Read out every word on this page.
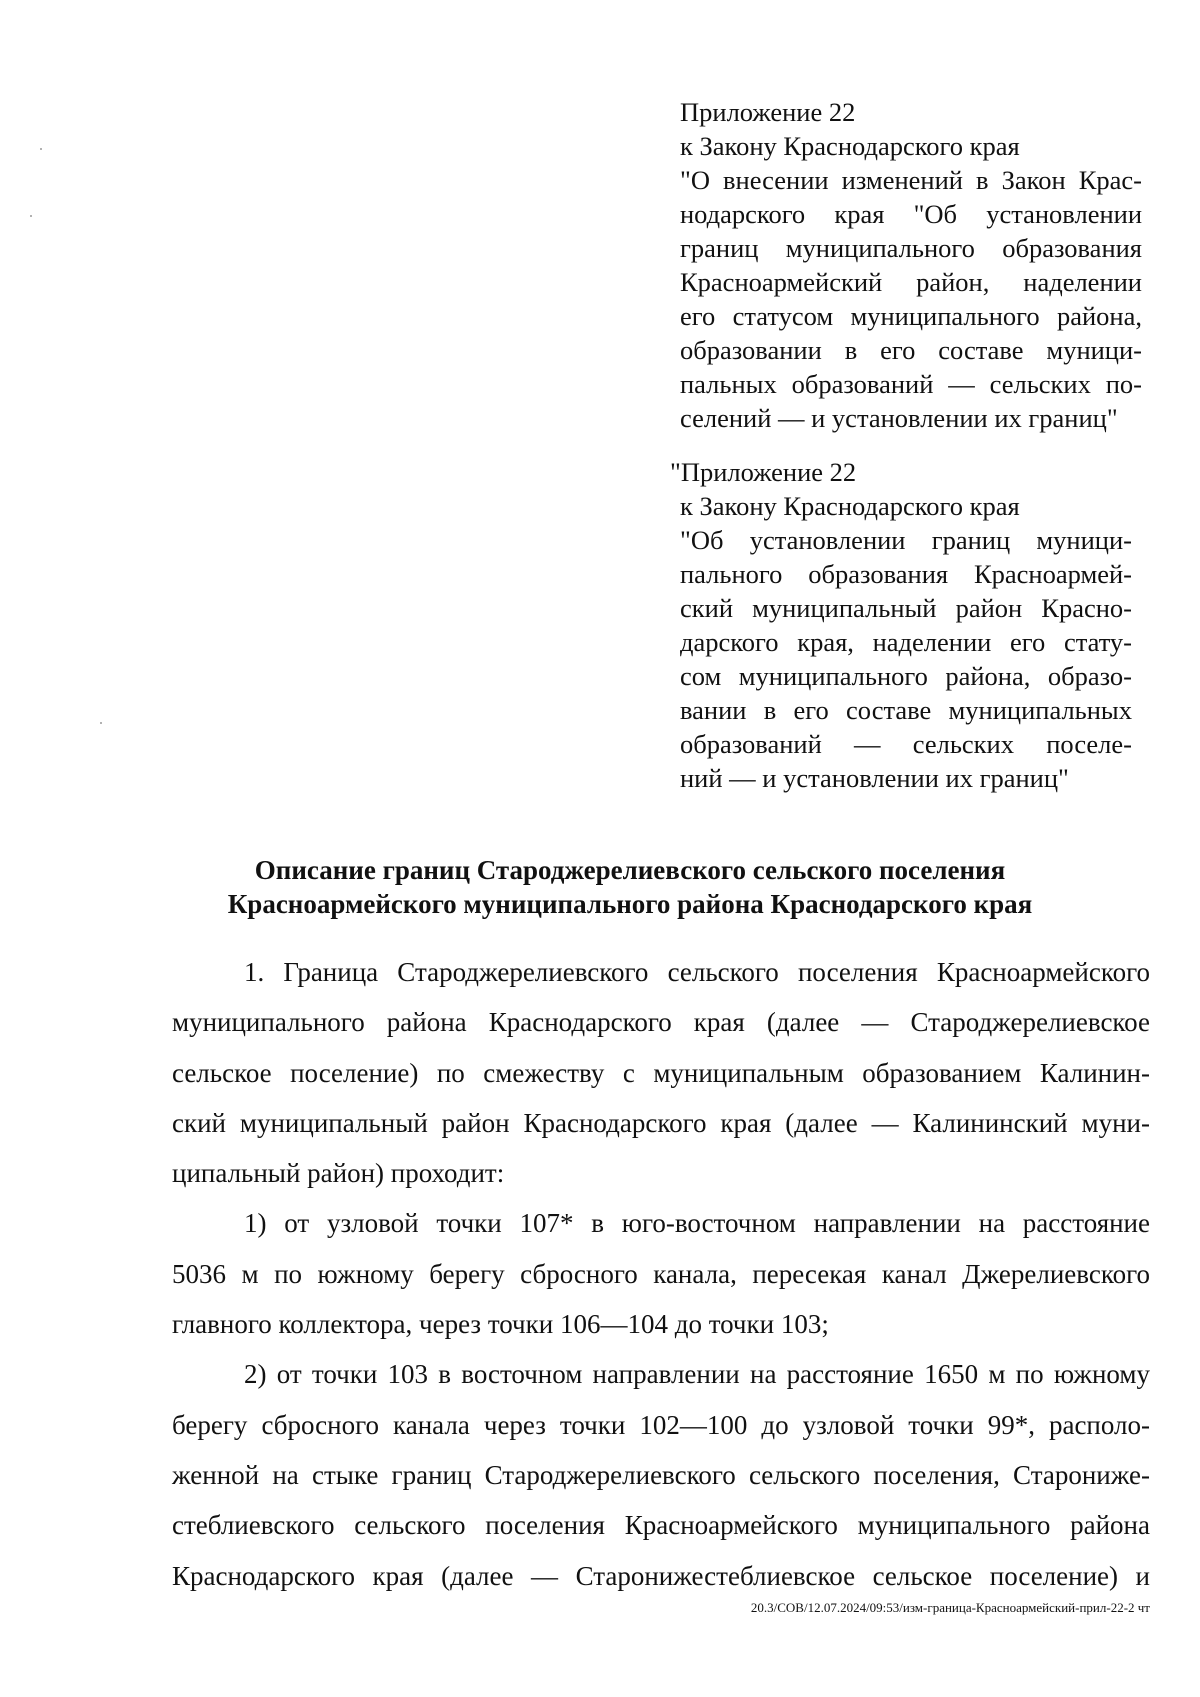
Приложение 22
к Закону Краснодарского края
"О внесении изменений в Закон Крас-
нодарского края "Об установлении
границ муниципального образования
Красноармейский район, наделении
его статусом муниципального района,
образовании в его составе муници-
пальных образований — сельских по-
селений — и установлении их границ"
"Приложение 22
к Закону Краснодарского края
"Об установлении границ муници-
пального образования Красноармей-
ский муниципальный район Красно-
дарского края, наделении его стату-
сом муниципального района, образо-
вании в его составе муниципальных
образований — сельских поселе-
ний — и установлении их границ"
Описание границ Староджерелиевского сельского поселения
Красноармейского муниципального района Краснодарского края
1. Граница Староджерелиевского сельского поселения Красноармейского
муниципального района Краснодарского края (далее — Староджерелиевское
сельское поселение) по смежеству с муниципальным образованием Калинин-
ский муниципальный район Краснодарского края (далее — Калининский муни-
ципальный район) проходит:
1) от узловой точки 107* в юго-восточном направлении на расстояние
5036 м по южному берегу сбросного канала, пересекая канал Джерелиевского
главного коллектора, через точки 106—104 до точки 103;
2) от точки 103 в восточном направлении на расстояние 1650 м по южному
берегу сбросного канала через точки 102—100 до узловой точки 99*, располо-
женной на стыке границ Староджерелиевского сельского поселения, Старониже-
стеблиевского сельского поселения Красноармейского муниципального района
Краснодарского края (далее — Старонижестеблиевское сельское поселение) и
20.3/СОВ/12.07.2024/09:53/изм-граница-Красноармейский-прил-22-2 чт
